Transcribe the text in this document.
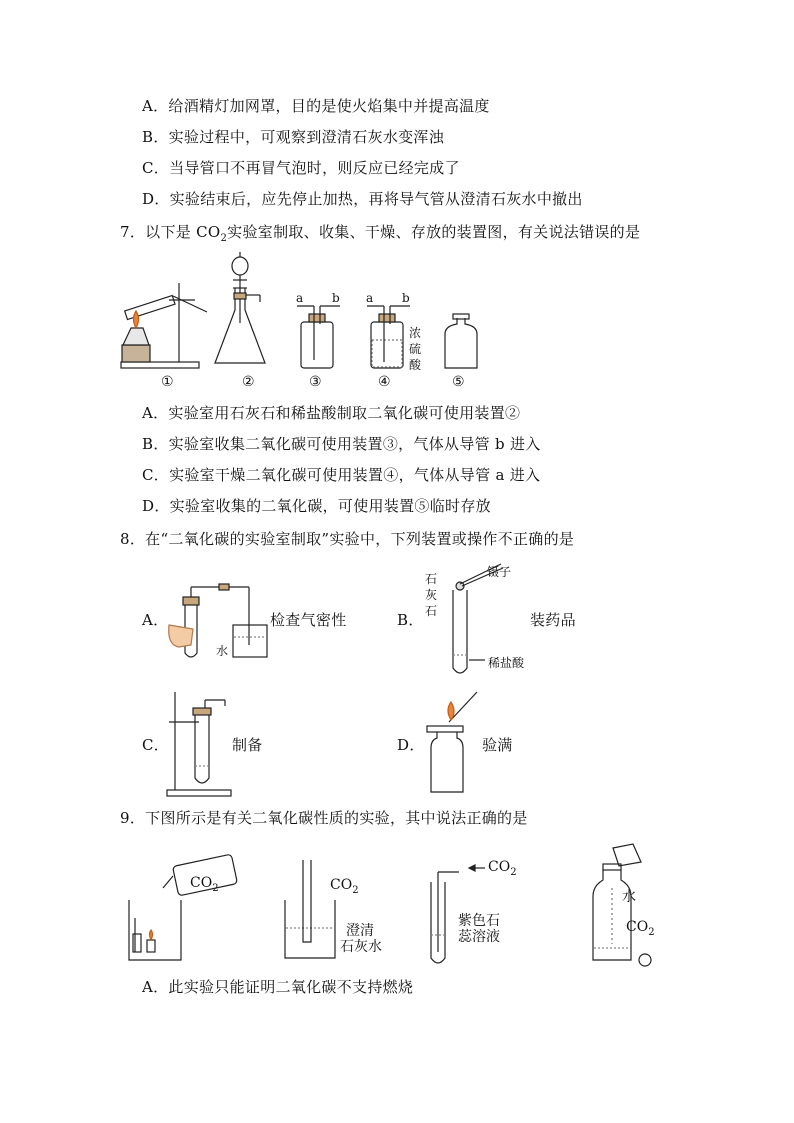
A．给酒精灯加网罩，目的是使火焰集中并提高温度
B．实验过程中，可观察到澄清石灰水变浑浊
C．当导管口不再冒气泡时，则反应已经完成了
D．实验结束后，应先停止加热，再将导气管从澄清石灰水中撤出
7．以下是 $CO_2$实验室制取、收集、干燥、存放的装置图，有关说法错误的是
①	②	③	④	⑤
a b a b
浓
硫
酸
A．实验室用石灰石和稀盐酸制取二氧化碳可使用装置②
B．实验室收集二氧化碳可使用装置③，气体从导管 b 进入
C．实验室干燥二氧化碳可使用装置④，气体从导管 a 进入
D．实验室收集的二氧化碳，可使用装置⑤临时存放
8．在“二氧化碳的实验室制取”实验中，下列装置或操作不正确的是
A．
水
检查气密性	B．
石
灰
石
镊子
稀盐酸
装药品
C．	制备	D．	验满
9．下图所示是有关二氧化碳性质的实验，其中说法正确的是
$CO_2$	$CO_2$
$CO_2$
$CO_2$
澄清
石灰水
紫色石
蕊溶液
水
A．此实验只能证明二氧化碳不支持燃烧
